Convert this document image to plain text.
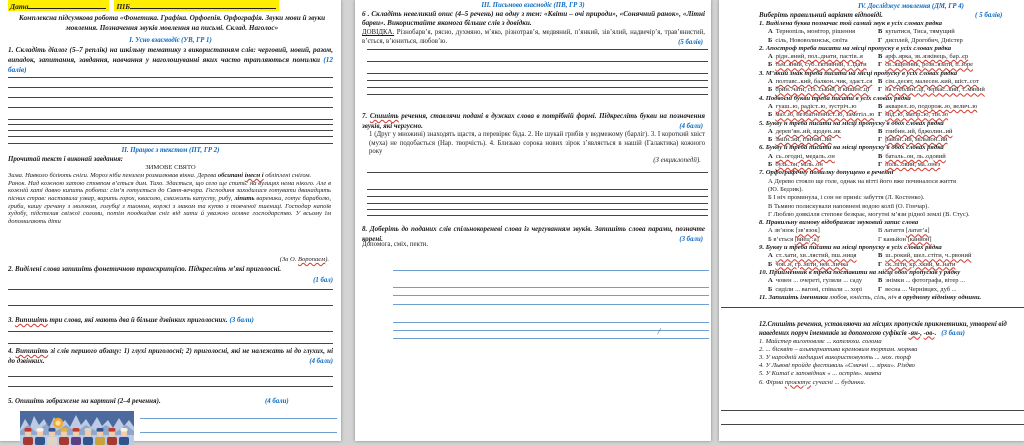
Дата	ПІБ
Комплексна підсумкова робота «Фонетика. Графіка. Орфоепія. Орфографія. Звуки мови й звуки мовлення. Позначення звуків мовлення на письмі. Склад. Наголос»
І. Усно взаємодіє (УВ, ГР 1)
1. Складіть діалог (5–7 реплік) на шкільну тематику з використанням слів: черговий, новий, разом, випадок, запитання, завдання, навчання у наголошуванні яких часто трапляються помилки (12 балів)
ІІ. Працює з текстом (ПТ, ГР 2)
Прочитай текст і виконай завдання:
ЗИМОВЕ СВЯТО
Зима. Навколо біліють сніги. Мороз ніби пензлем розмалював вікна. Дерева обсипані інеєм і обліплені снігом.
Ранок. Над кожною хатою стовпом в’ється дим. Тихо. Здається, що село ще спить: на вулицях нема нікого. Але в кожній хаті давно кипить робота: сім’я готується до Свят-вечора. Господиня заходилася готувати дванадцять пісних страв: наставила узвар, варить горох, квасолю, смажить капусту, рибу, ліпить вареники, готує бараболю, гриби, кашу гречану з молоком, голубці з пшоном, коржі з маком та кутю з товченої пшениці. Господар напоїв худобу, підстелив свіжої соломи, потім поодкидав сніг від хати й уважно огляне господарство. У всьому їм допомагають діти
(За О. Воропаєм).
2. Виділені слова запишіть фонетичною транскрипцією. Підкресліть м’які приголосні.
(1 бал)
3. Випишіть три слова, які мають два й більше дзвінких приголосних. (3 бали)
4. Випишіть зі слів першого абзацу: 1) глухі приголосні; 2) приголосні, які не належать ні до глухих, ні до дзвінких.	(4 бали)
5. Опишіть зображене на картині (2–4 речення).	(4 бали)
ІІІ. Письмово взаємодіє (ПВ, ГР 3)
6 . Складіть невеликий опис (4–5 речень) на одну з тем: «Квіти – очі природи», «Сонячний ранок», «Літні барви». Використайте якомога більше слів з довідки.
ДОВІДКА. Різнобарв’я, рясно, духмяно, м’яко, різнотрав’я, медвяний, п’янкий, зів’ялий, надвечір’я, трав’янистий, в’ється, в’юниться, любов’ю.	(5 балів)
7. Спишіть речення, ставлячи подані в дужках слова в потрібній формі. Підкресліть букви на позначення звуків, які чергуємо.	(4 бали)
1 (Друг у множині) знаходять щастя, а перевіряє біда. 2. Не шукай грибів у ведмежому (барліг). 3. І короткий хвіст (муха) не подобається (Нар. творчість). 4. Близько сорока нових зірок з’являється в нашій (Галактика) кожного року
(З енциклопедії).
8. Доберіть до поданих слів спільнокореневі слова із чергуванням звуків. Запишіть слова парами, позначте корені.	(3 бали)
Допомога, сміх, пекти.
/
ІV. Досліджує мовлення (ДМ, ГР 4)
Виберіть правильний варіант відповіді.	( 5 балів)
1. Виділена буква позначає той самий звук в усіх словах рядка
А Тернопіль, монітор, рішення	В купатися, Тиса, тямущий
Б сіль, Нововолинськ, сюїта	Г дисплей, Дрогобич, Дністер
2. Апостроф треба писати на місці пропуску в усіх словах рядка
А рідн..яний, пол..днати, пастів..я	В арф..ярка, зв..язківець, бар..єр
Б тьм..яний, суб..єктивний, з..їдати	Г св..ященник, розв..язати, п..юре
3. М’який знак треба писати на місці пропуску в усіх словах рядка
А полтавс..кий, балкон..чик, здаєт..ся В сім..десят, малесен..кий, шіст..сот
Б брин..чати, сіл..ський, в кишен..ці	Г на стеблин..ці, черкас..кий, т..мяний
4. Подвоєні букви треба писати в усіх словах рядка
А гуаш..ю, радіст..ю, зустріч..ю	В акварел..ю, подорож..ю, велич..ю
Б маз..ю, незбагненніст..ю, заметіл..ю Г мід..ю, матір..ю, тін..ю
5. Букву н треба писати на місці пропуску в обох словах рядка
А дерев’ян..ий, щоден..ик	В глибин..ий, бджолин..ий
Б зміїн..ий, глинян..ий	Г район..ий, мільйон..ий
6. Букву й треба писати на місці пропуску в обох словах рядка
А сь..огодні, медаль..он	В баталь..он, ль..одовий
Б буль..он, міль..он	Г поль..овий, ма..онез
7. Орфографічну помилку допущено в реченні
А Дерево стояло ще голе, однак на вітті його вже починалося життя (Ю. Бедзик).
Б І ніч проминула, і сон не приніс забуття (Л. Костенко).
В Тьмяно полискували наповнені водою колії (О. Гончар).
Г Люблю довкілля степове безкрає, могутні м’язи рідної землі (В. Стус).
8. Правильну вимову відображає звуковий запис слова
А зв’язок [зв’язок]	В латаття [латат’а]
Б в’ється [вйец’:а]	Г каньйон [канйон]
9. Букву и треба писати на місці пропуску в усіх словах рядка
А ст..хати, хв..лястий, пш..ниця	В ш..рокий, шел..стіти, ч..рвоний
Б чов..н, гр..міти, нев..личка	Г ск..піти, кр..хкий, м..нати
10. Прийменник в треба поставити на місці обох пропусків у рядку
А човен ... очереті, гуляли ... саду	В знімки ... фотографа, вітер ...
Б сиділи ... вагоні, співали ... хорі	Г весна ... Чернівцях, дуб ...
11. Запишіть іменники любов, юність, сіль, ніч в орудному відмінку однини.
12.Спишіть речення, уставляючи на місцях пропусків прикметники, утворені від
наведених поруч іменників за допомогою суфіксів -ян-, -ов-. (3 бали)
1. Майстер виготовляє ... капелюхи. солома
2. ... бісквіт – альтернатива кремовим тортам. морква
3. У народній медицині використовують ... мох. торф
4. У Львові пройде фестиваль «Смачні ... зірки». Різдво
5. У Китаї є заповідник « ... острів». мавпа
6. Фірма проєктує сучасні ... будинки.
